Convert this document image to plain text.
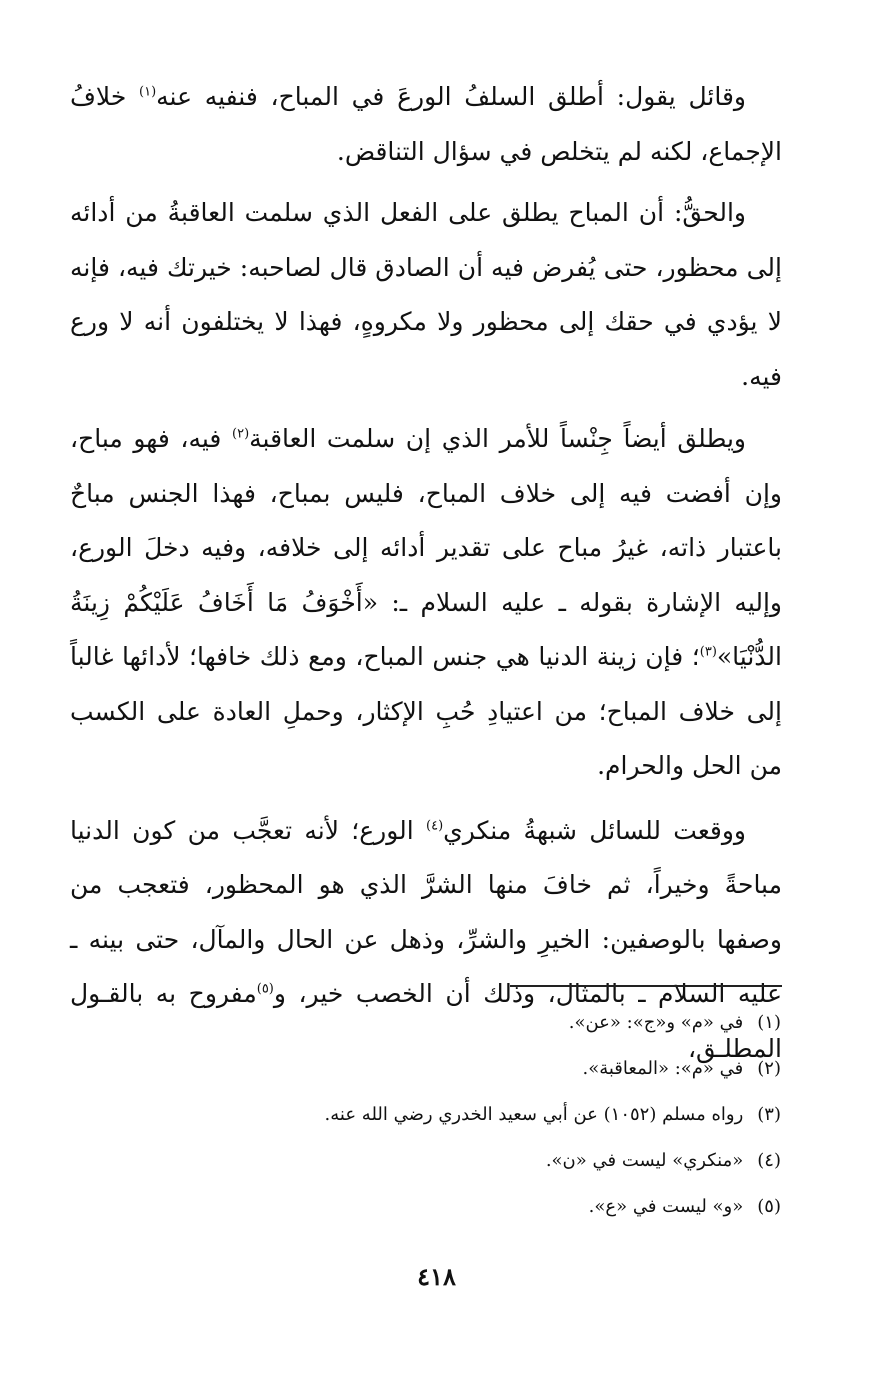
وقائل يقول: أطلق السلفُ الورعَ في المباح، فنفيه عنه$^{(١)}$ خلافُ الإجماع، لكنه لم يتخلص في سؤال التناقض.

والحقُّ: أن المباح يطلق على الفعل الذي سلمت العاقبةُ من أدائه إلى محظور، حتى يُفرض فيه أن الصادق قال لصاحبه: خيرتك فيه، فإنه لا يؤدي في حقك إلى محظور ولا مكروهٍ، فهذا لا يختلفون أنه لا ورع فيه.

ويطلق أيضاً جِنْساً للأمر الذي إن سلمت العاقبة$^{(٢)}$ فيه، فهو مباح، وإن أفضت فيه إلى خلاف المباح، فليس بمباح، فهذا الجنس مباحٌ باعتبار ذاته، غيرُ مباح على تقدير أدائه إلى خلافه، وفيه دخلَ الورع، وإليه الإشارة بقوله ـ عليه السلام ـ: «أَخْوَفُ مَا أَخَافُ عَلَيْكُمْ زِينَةُ الدُّنْيَا»$^{(٣)}$؛ فإن زينة الدنيا هي جنس المباح، ومع ذلك خافها؛ لأدائها غالباً إلى خلاف المباح؛ من اعتيادِ حُبِ الإكثار، وحملِ العادة على الكسب من الحل والحرام.

ووقعت للسائل شبهةُ منكري$^{(٤)}$ الورع؛ لأنه تعجَّب من كون الدنيا مباحةً وخيراً، ثم خافَ منها الشرَّ الذي هو المحظور، فتعجب من وصفها بالوصفين: الخيرِ والشرِّ، وذهل عن الحال والمآل، حتى بينه ـ عليه السلام ـ بالمثال، وذلك أن الخصب خير، و$^{(٥)}$مفروح به بالقـول المطلـق،

(١)في «م» و«ج»: «عن».
(٢)في «م»: «المعاقبة».
(٣)رواه مسلم (١٠٥٢) عن أبي سعيد الخدري رضي الله عنه.
(٤)«منكري» ليست في «ن».
(٥)«و» ليست في «ع».
٤١٨
